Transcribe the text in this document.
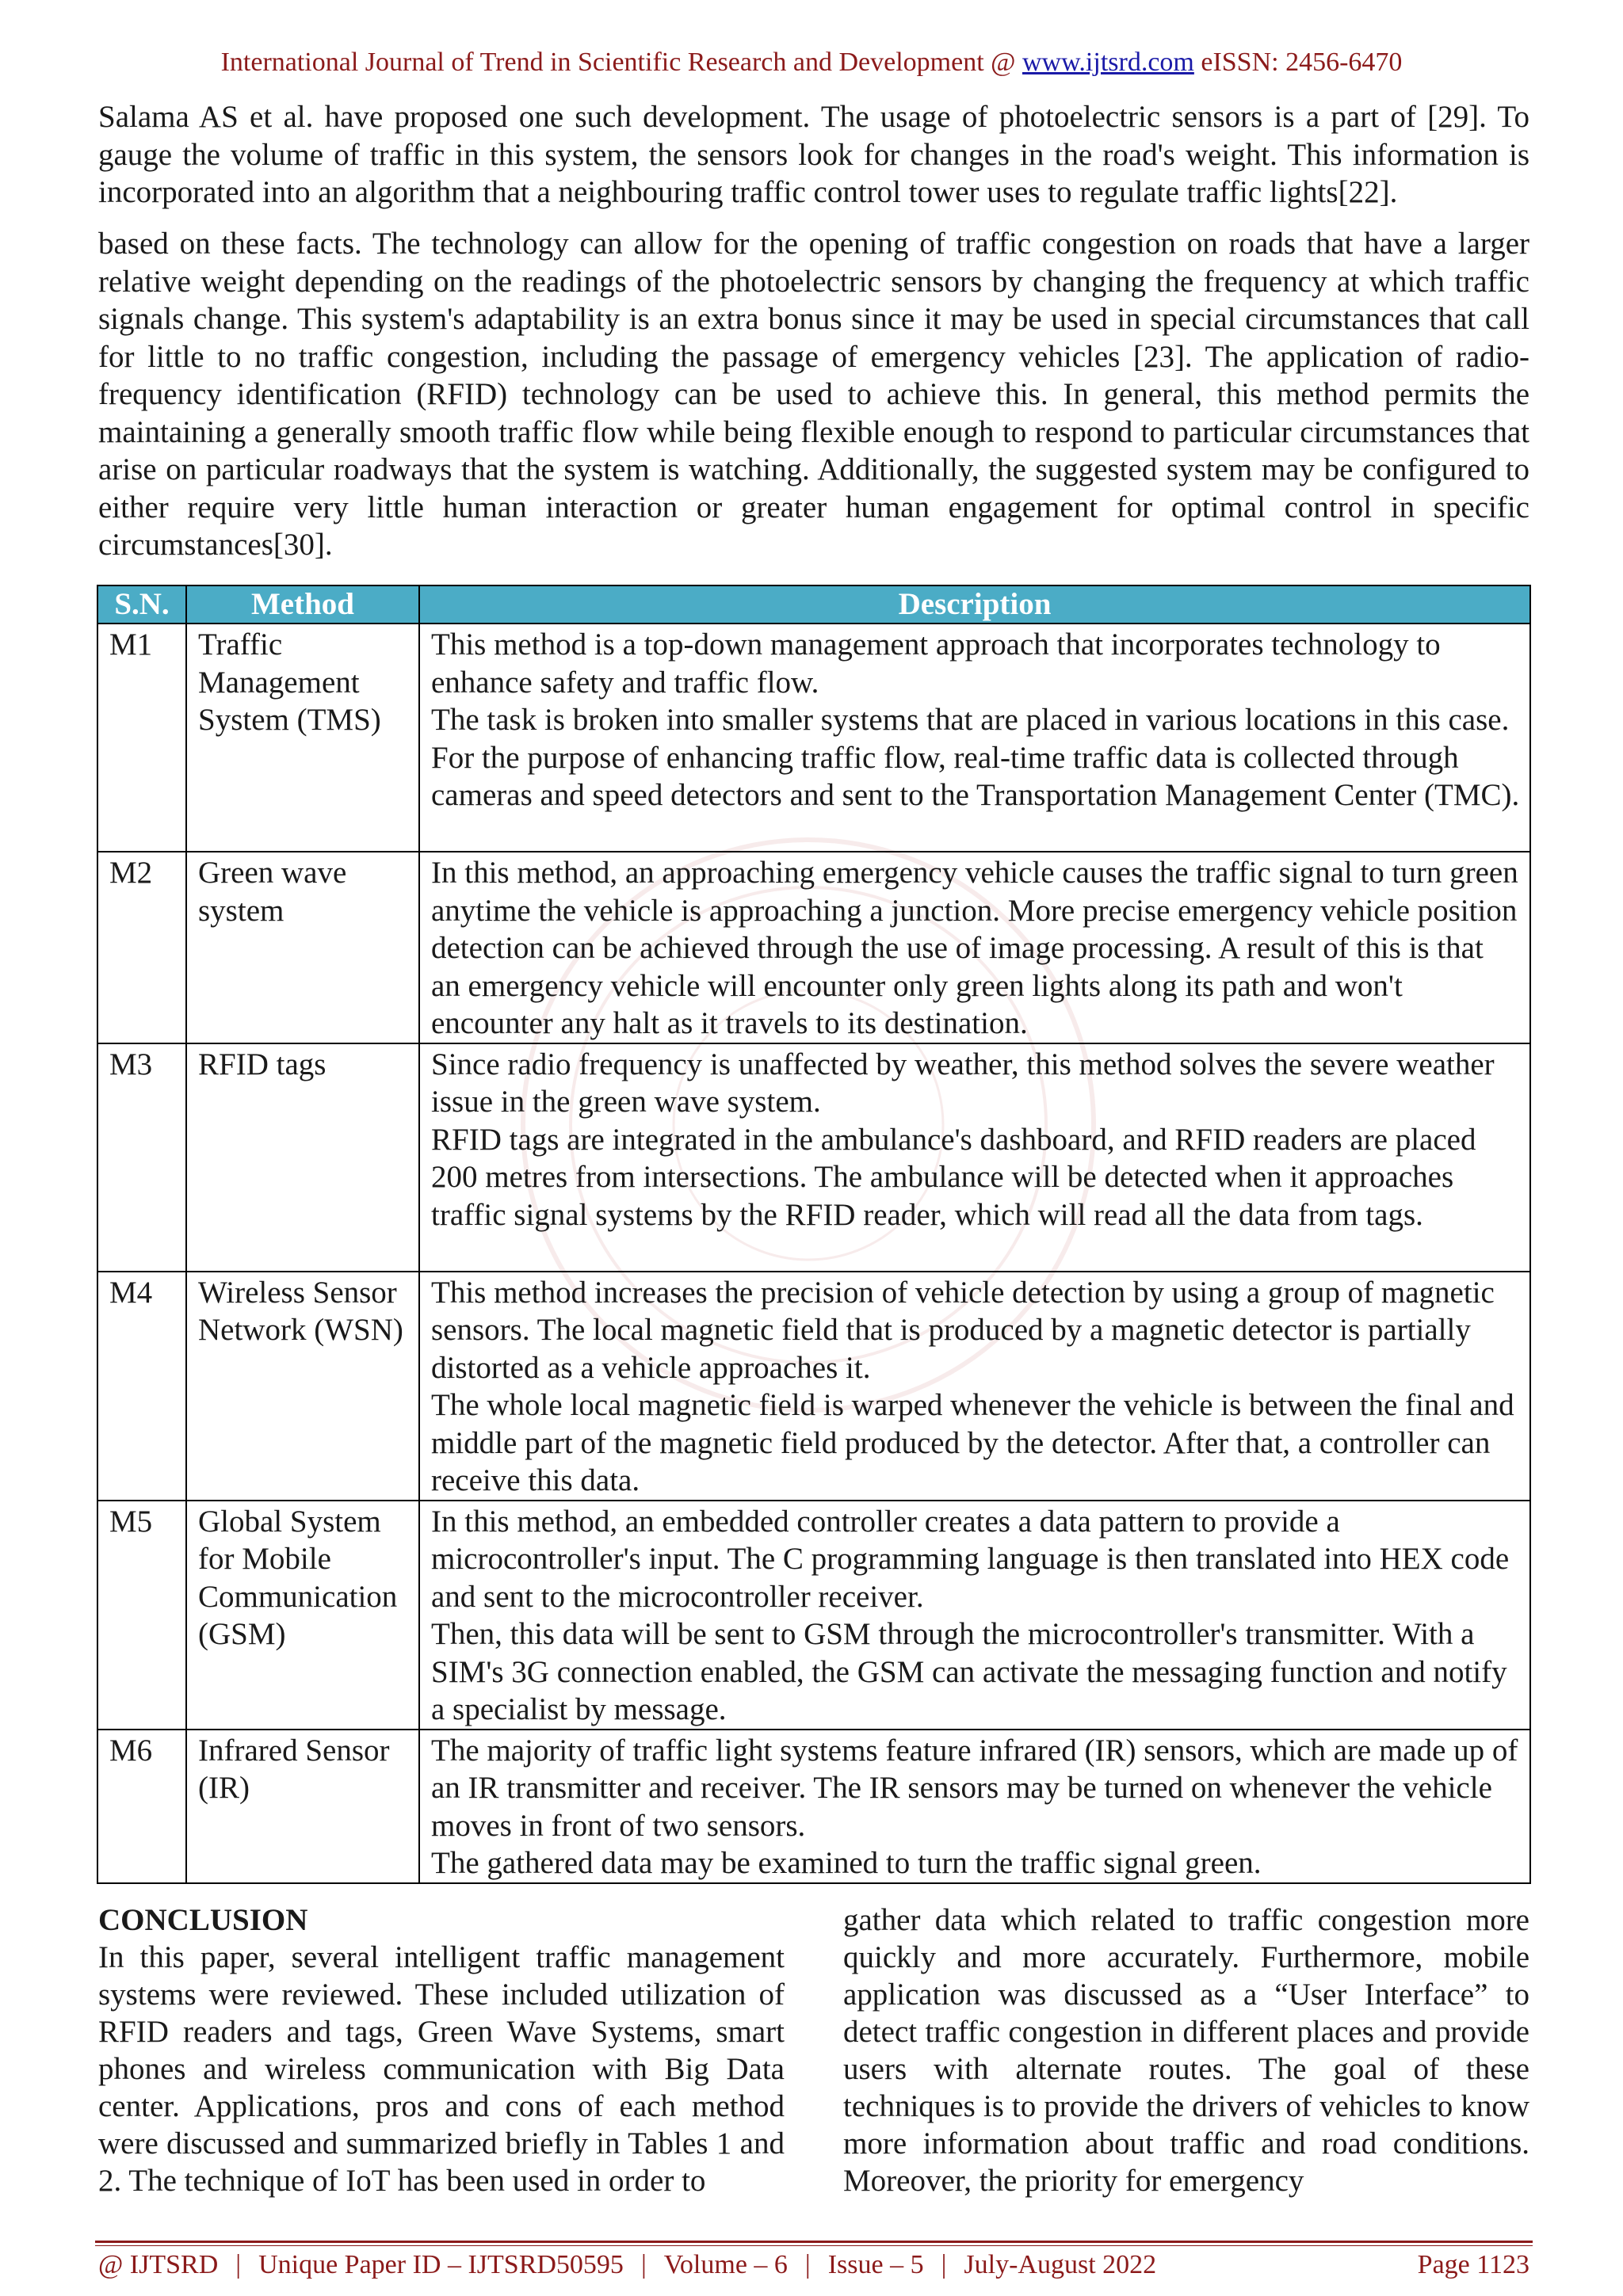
International Journal of Trend in Scientific Research and Development @ www.ijtsrd.com eISSN: 2456-6470

Salama AS et al. have proposed one such development. The usage of photoelectric sensors is a part of [29]. To gauge the volume of traffic in this system, the sensors look for changes in the road's weight. This information is incorporated into an algorithm that a neighbouring traffic control tower uses to regulate traffic lights[22].

based on these facts. The technology can allow for the opening of traffic congestion on roads that have a larger relative weight depending on the readings of the photoelectric sensors by changing the frequency at which traffic signals change. This system's adaptability is an extra bonus since it may be used in special circumstances that call for little to no traffic congestion, including the passage of emergency vehicles [23]. The application of radio-frequency identification (RFID) technology can be used to achieve this. In general, this method permits the maintaining a generally smooth traffic flow while being flexible enough to respond to particular circumstances that arise on particular roadways that the system is watching. Additionally, the suggested system may be configured to either require very little human interaction or greater human engagement for optimal control in specific circumstances[30].

S.N.	Method	Description
M1	Traffic Management System (TMS)	This method is a top-down management approach that incorporates technology to enhance safety and traffic flow.
The task is broken into smaller systems that are placed in various locations in this case. For the purpose of enhancing traffic flow, real-time traffic data is collected through cameras and speed detectors and sent to the Transportation Management Center (TMC).

M2	Green wave system	In this method, an approaching emergency vehicle causes the traffic signal to turn green anytime the vehicle is approaching a junction. More precise emergency vehicle position detection can be achieved through the use of image processing. A result of this is that an emergency vehicle will encounter only green lights along its path and won't encounter any halt as it travels to its destination.

M3	RFID tags	Since radio frequency is unaffected by weather, this method solves the severe weather issue in the green wave system.
RFID tags are integrated in the ambulance's dashboard, and RFID readers are placed 200 metres from intersections. The ambulance will be detected when it approaches traffic signal systems by the RFID reader, which will read all the data from tags.

M4	Wireless Sensor Network (WSN)	This method increases the precision of vehicle detection by using a group of magnetic sensors. The local magnetic field that is produced by a magnetic detector is partially distorted as a vehicle approaches it.
The whole local magnetic field is warped whenever the vehicle is between the final and middle part of the magnetic field produced by the detector. After that, a controller can receive this data.

M5	Global System for Mobile Communication (GSM)	In this method, an embedded controller creates a data pattern to provide a microcontroller's input. The C programming language is then translated into HEX code and sent to the microcontroller receiver.
Then, this data will be sent to GSM through the microcontroller's transmitter. With a SIM's 3G connection enabled, the GSM can activate the messaging function and notify a specialist by message.

M6	Infrared Sensor (IR)	The majority of traffic light systems feature infrared (IR) sensors, which are made up of an IR transmitter and receiver. The IR sensors may be turned on whenever the vehicle moves in front of two sensors.
The gathered data may be examined to turn the traffic signal green.
CONCLUSION
In this paper, several intelligent traffic management systems were reviewed. These included utilization of RFID readers and tags, Green Wave Systems, smart phones and wireless communication with Big Data center. Applications, pros and cons of each method were discussed and summarized briefly in Tables 1 and 2. The technique of IoT has been used in order to
gather data which related to traffic congestion more quickly and more accurately. Furthermore, mobile application was discussed as a “User Interface” to detect traffic congestion in different places and provide users with alternate routes. The goal of these techniques is to provide the drivers of vehicles to know more information about traffic and road conditions. Moreover, the priority for emergency
@ IJTSRD | Unique Paper ID – IJTSRD50595 | Volume – 6 | Issue – 5 | July-August 2022	Page 1123
